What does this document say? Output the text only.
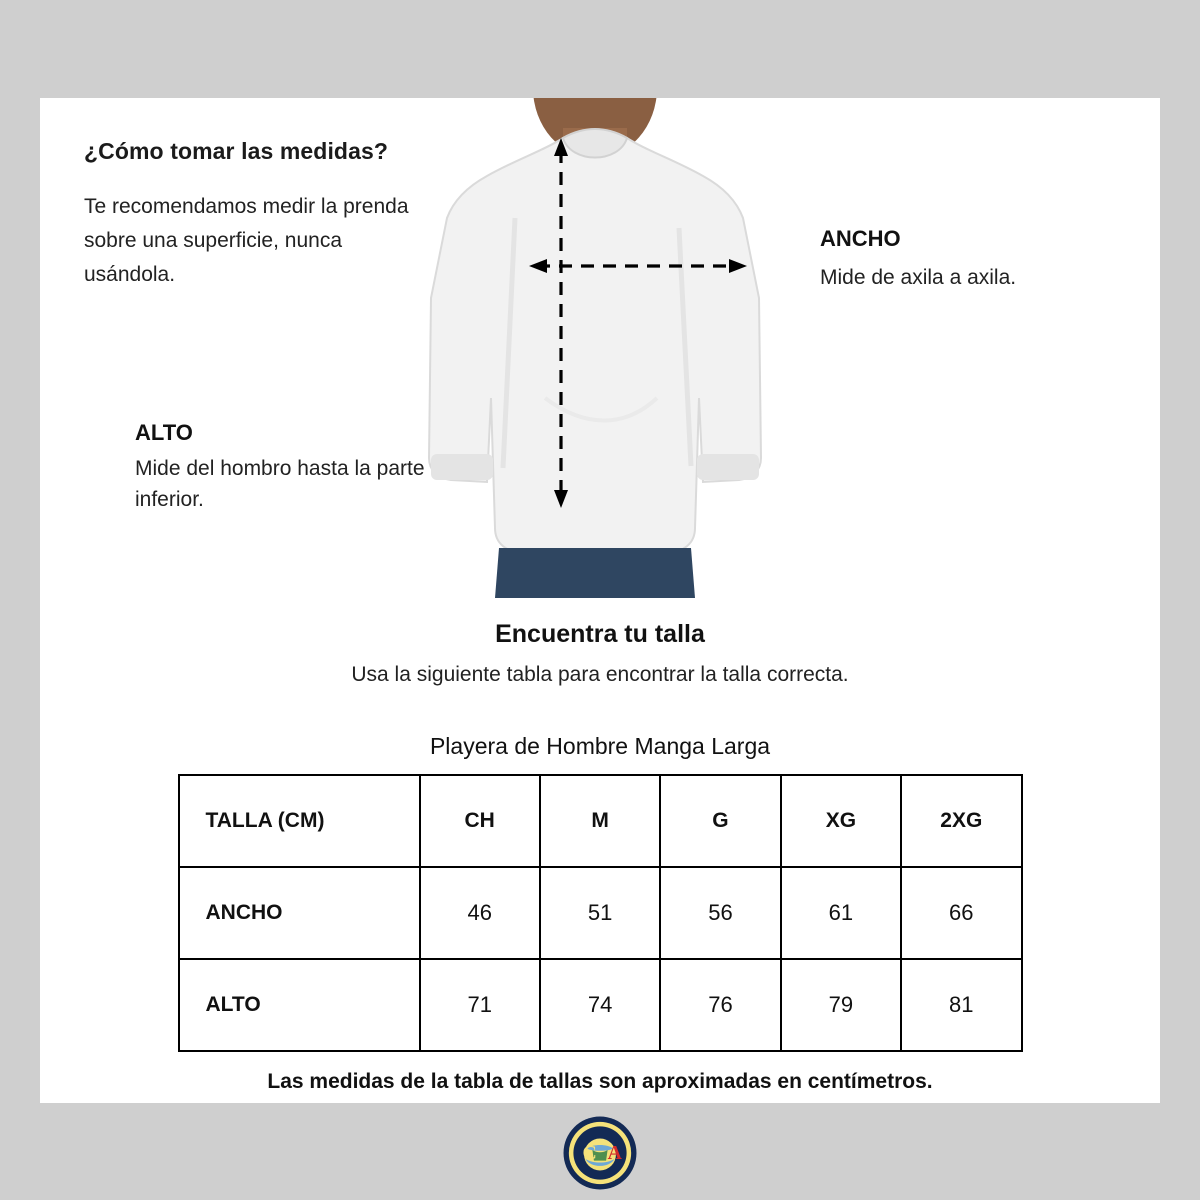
¿Cómo tomar las medidas?
Te recomendamos medir la prenda sobre una superficie, nunca usándola.
ALTO
Mide del hombro hasta la parte inferior.
ANCHO
Mide de axila a axila.
Encuentra tu talla
Usa la siguiente tabla para encontrar la talla correcta.
Playera de Hombre Manga Larga
TALLA (CM)	CH	M	G	XG	2XG
ANCHO	46	51	56	61	66
ALTO	71	74	76	79	81
Las medidas de la tabla de tallas son aproximadas en centímetros.
C A
